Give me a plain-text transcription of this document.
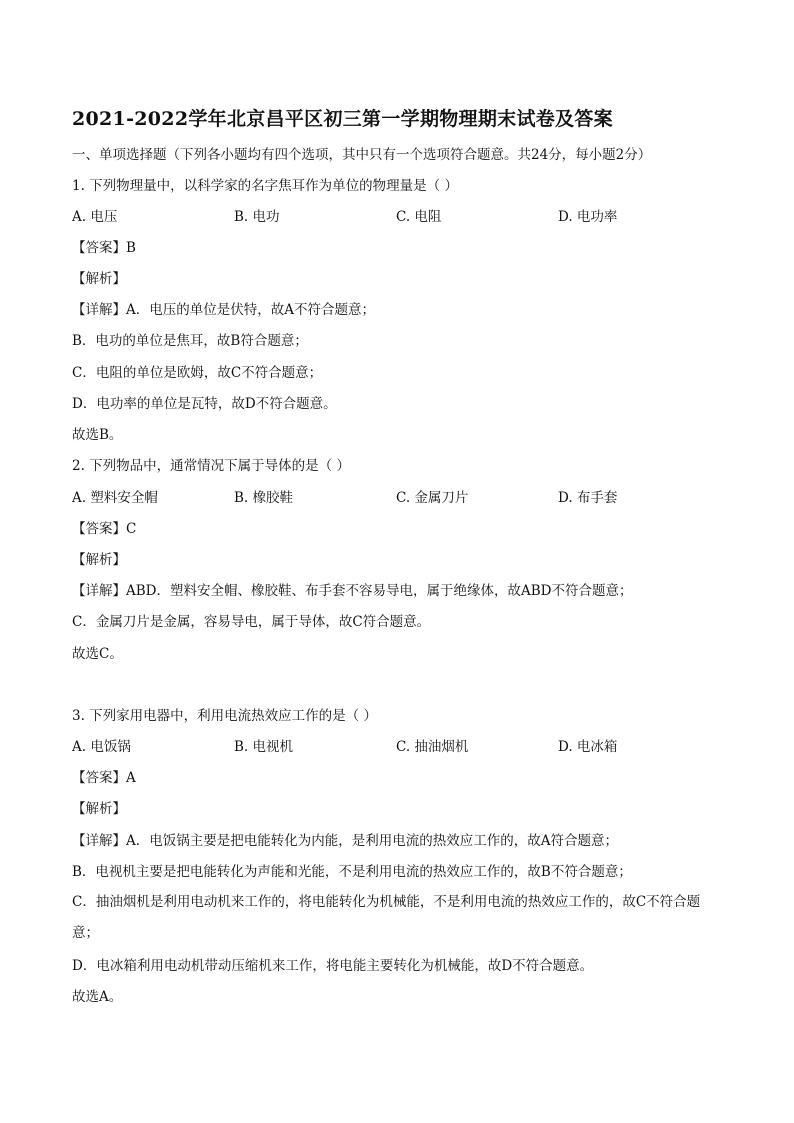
2021-2022学年北京昌平区初三第一学期物理期末试卷及答案
一、单项选择题（下列各小题均有四个选项，其中只有一个选项符合题意。共24分，每小题2分）
1. 下列物理量中，以科学家的名字焦耳作为单位的物理量是（ ）
A. 电压	B. 电功	C. 电阻	D. 电功率
【答案】B
【解析】
【详解】A．电压的单位是伏特，故A不符合题意；
B．电功的单位是焦耳，故B符合题意；
C．电阻的单位是欧姆，故C不符合题意；
D．电功率的单位是瓦特，故D不符合题意。
故选B。
2. 下列物品中，通常情况下属于导体的是（ ）
A. 塑料安全帽	B. 橡胶鞋	C. 金属刀片	D. 布手套
【答案】C
【解析】
【详解】ABD．塑料安全帽、橡胶鞋、布手套不容易导电，属于绝缘体，故ABD不符合题意；
C．金属刀片是金属，容易导电，属于导体，故C符合题意。
故选C。
3. 下列家用电器中，利用电流热效应工作的是（ ）
A. 电饭锅	B. 电视机	C. 抽油烟机	D. 电冰箱
【答案】A
【解析】
【详解】A．电饭锅主要是把电能转化为内能，是利用电流的热效应工作的，故A符合题意；
B．电视机主要是把电能转化为声能和光能，不是利用电流的热效应工作的，故B不符合题意；
C．抽油烟机是利用电动机来工作的，将电能转化为机械能，不是利用电流的热效应工作的，故C不符合题意；
D．电冰箱利用电动机带动压缩机来工作，将电能主要转化为机械能，故D不符合题意。
故选A。
